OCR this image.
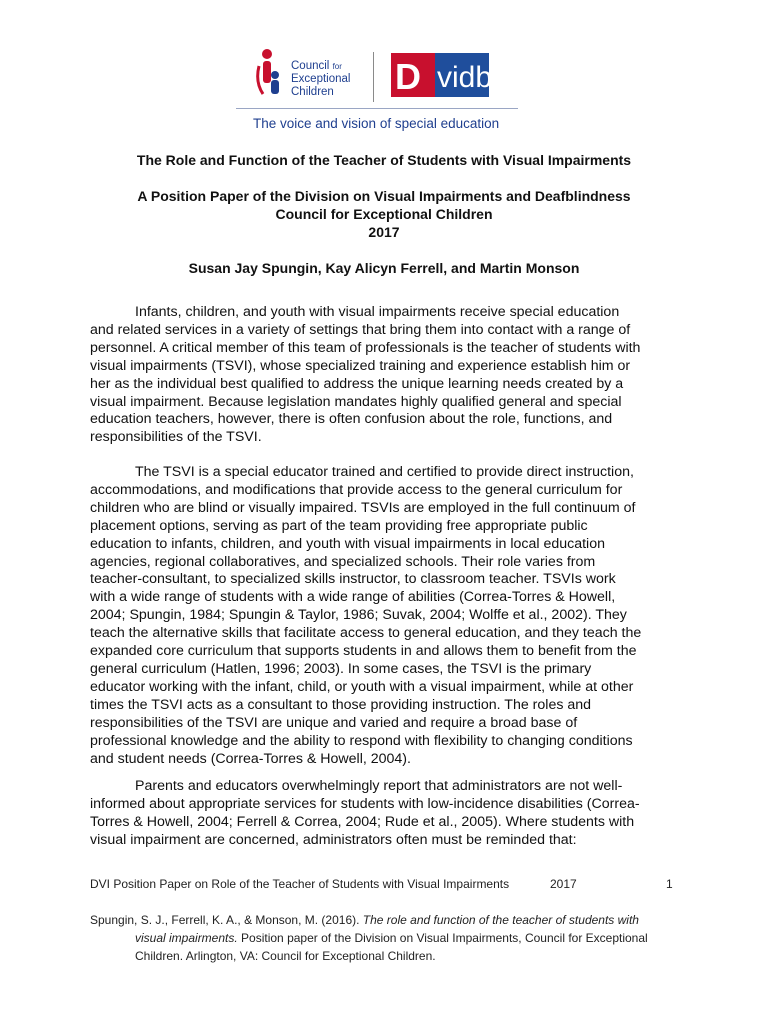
Council for
Exceptional
Children	D vidb
The voice and vision of special education
The Role and Function of the Teacher of Students with Visual Impairments
A Position Paper of the Division on Visual Impairments and Deafblindness
Council for Exceptional Children
2017
Susan Jay Spungin, Kay Alicyn Ferrell, and Martin Monson
Infants, children, and youth with visual impairments receive special education
and related services in a variety of settings that bring them into contact with a range of
personnel. A critical member of this team of professionals is the teacher of students with
visual impairments (TSVI), whose specialized training and experience establish him or
her as the individual best qualified to address the unique learning needs created by a
visual impairment. Because legislation mandates highly qualified general and special
education teachers, however, there is often confusion about the role, functions, and
responsibilities of the TSVI.
The TSVI is a special educator trained and certified to provide direct instruction,
accommodations, and modifications that provide access to the general curriculum for
children who are blind or visually impaired. TSVIs are employed in the full continuum of
placement options, serving as part of the team providing free appropriate public
education to infants, children, and youth with visual impairments in local education
agencies, regional collaboratives, and specialized schools. Their role varies from
teacher-consultant, to specialized skills instructor, to classroom teacher. TSVIs work
with a wide range of students with a wide range of abilities (Correa-Torres & Howell,
2004; Spungin, 1984; Spungin & Taylor, 1986; Suvak, 2004; Wolffe et al., 2002). They
teach the alternative skills that facilitate access to general education, and they teach the
expanded core curriculum that supports students in and allows them to benefit from the
general curriculum (Hatlen, 1996; 2003). In some cases, the TSVI is the primary
educator working with the infant, child, or youth with a visual impairment, while at other
times the TSVI acts as a consultant to those providing instruction. The roles and
responsibilities of the TSVI are unique and varied and require a broad base of
professional knowledge and the ability to respond with flexibility to changing conditions
and student needs (Correa-Torres & Howell, 2004).
Parents and educators overwhelmingly report that administrators are not well-
informed about appropriate services for students with low-incidence disabilities (Correa-
Torres & Howell, 2004; Ferrell & Correa, 2004; Rude et al., 2005). Where students with
visual impairment are concerned, administrators often must be reminded that:
DVI Position Paper on Role of the Teacher of Students with Visual Impairments	2017	1
Spungin, S. J., Ferrell, K. A., & Monson, M. (2016). The role and function of the teacher of students with
visual impairments. Position paper of the Division on Visual Impairments, Council for Exceptional
Children. Arlington, VA: Council for Exceptional Children.
